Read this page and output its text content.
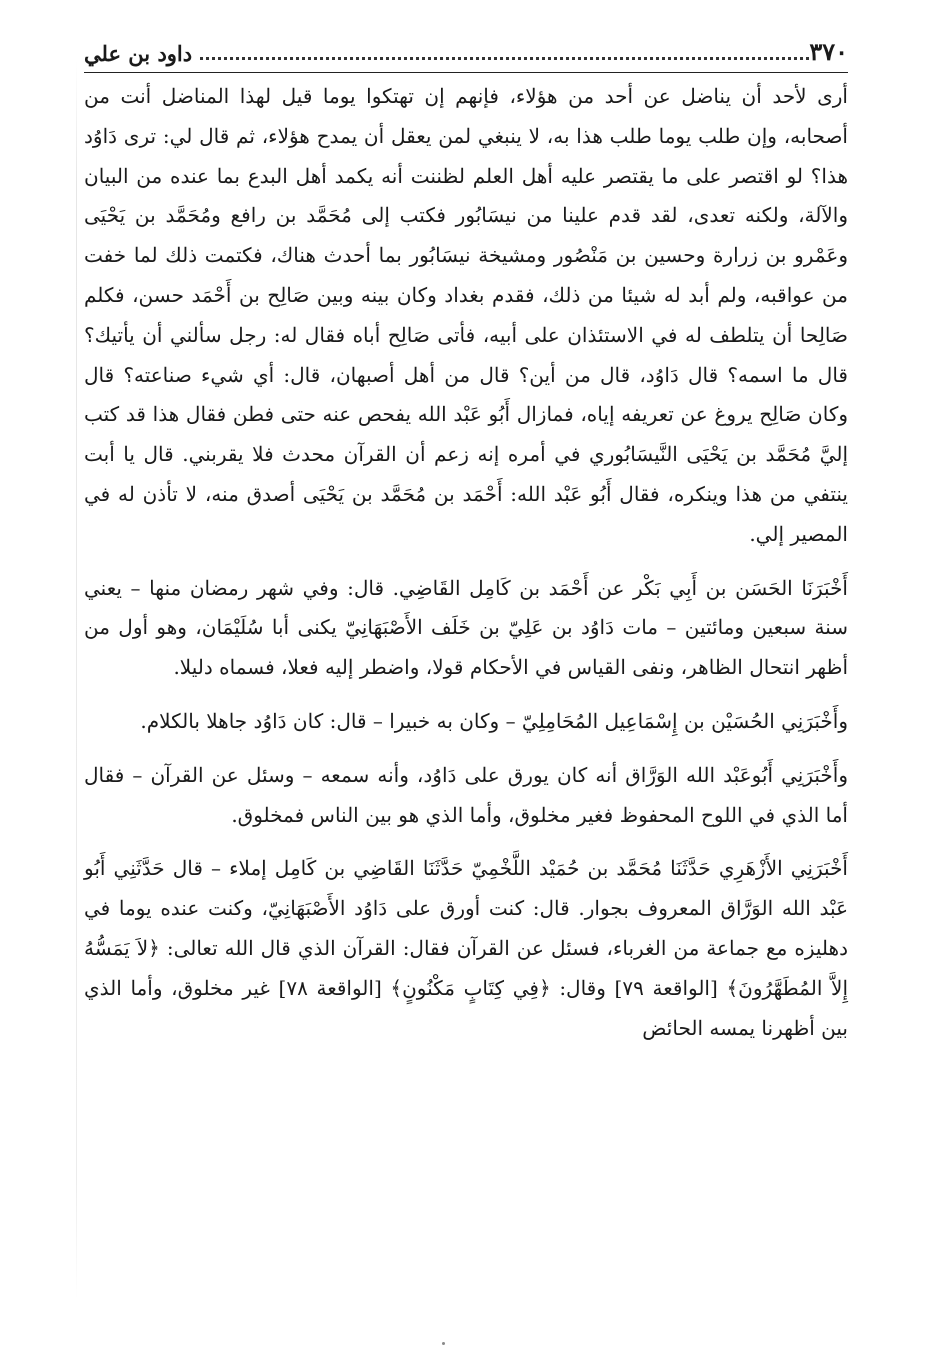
٣٧٠
داود بن علي

أرى لأحد أن يناضل عن أحد من هؤلاء، فإنهم إن تهتكوا يوما قيل لهذا المناضل أنت من أصحابه، وإن طلب يوما طلب هذا به، لا ينبغي لمن يعقل أن يمدح هؤلاء، ثم قال لي: ترى دَاوُد هذا؟ لو اقتصر على ما يقتصر عليه أهل العلم لظننت أنه يكمد أهل البدع بما عنده من البيان والآلة، ولكنه تعدى، لقد قدم علينا من نيسَابُور فكتب إلى مُحَمَّد بن رافع ومُحَمَّد بن يَحْيَى وعَمْرو بن زرارة وحسين بن مَنْصُور ومشيخة نيسَابُور بما أحدث هناك، فكتمت ذلك لما خفت من عواقبه، ولم أبد له شيئا من ذلك، فقدم بغداد وكان بينه وبين صَالِح بن أَحْمَد حسن، فكلم صَالِحا أن يتلطف له في الاستئذان على أبيه، فأتى صَالِح أباه فقال له: رجل سألني أن يأتيك؟ قال ما اسمه؟ قال دَاوُد، قال من أين؟ قال من أهل أصبهان، قال: أي شيء صناعته؟ قال وكان صَالِح يروغ عن تعريفه إياه، فمازال أَبُو عَبْد الله يفحص عنه حتى فطن فقال هذا قد كتب إليَّ مُحَمَّد بن يَحْيَى النَّيسَابُوري في أمره إنه زعم أن القرآن محدث فلا يقربني. قال يا أبت ينتفي من هذا وينكره، فقال أَبُو عَبْد الله: أَحْمَد بن مُحَمَّد بن يَحْيَى أصدق منه، لا تأذن له في المصير إلي.

أَخْبَرَنَا الحَسَن بن أَبِي بَكْر عن أَحْمَد بن كَامِل القَاضِي. قال: وفي شهر رمضان منها – يعني سنة سبعين ومائتين – مات دَاوُد بن عَلِيّ بن خَلَف الأَصْبَهَانِيّ يكنى أبا سُلَيْمَان، وهو أول من أظهر انتحال الظاهر، ونفى القياس في الأحكام قولا، واضطر إليه فعلا، فسماه دليلا.

وأَخْبَرَنِي الحُسَيْن بن إِسْمَاعِيل المُحَامِلِيّ – وكان به خبيرا – قال: كان دَاوُد جاهلا بالكلام.

وأَخْبَرَنِي أَبُوعَبْد الله الوَرَّاق أنه كان يورق على دَاوُد، وأنه سمعه – وسئل عن القرآن – فقال أما الذي في اللوح المحفوظ فغير مخلوق، وأما الذي هو بين الناس فمخلوق.

أَخْبَرَنِي الأَزْهَرِي حَدَّثَنَا مُحَمَّد بن حُمَيْد اللَّخْمِيّ حَدَّثَنَا القَاضِي بن كَامِل إملاء – قال حَدَّثَنِي أَبُو عَبْد الله الوَرَّاق المعروف بجوار. قال: كنت أورق على دَاوُد الأَصْبَهَانِيّ، وكنت عنده يوما في دهليزه مع جماعة من الغرباء، فسئل عن القرآن فقال: القرآن الذي قال الله تعالى: ﴿لاَ يَمَسُّهُ إِلاَّ المُطَهَّرُونَ﴾ [الواقعة ٧٩] وقال: ﴿فِي كِتَابٍ مَكْنُونٍ﴾ [الواقعة ٧٨] غير مخلوق، وأما الذي بين أظهرنا يمسه الحائض
